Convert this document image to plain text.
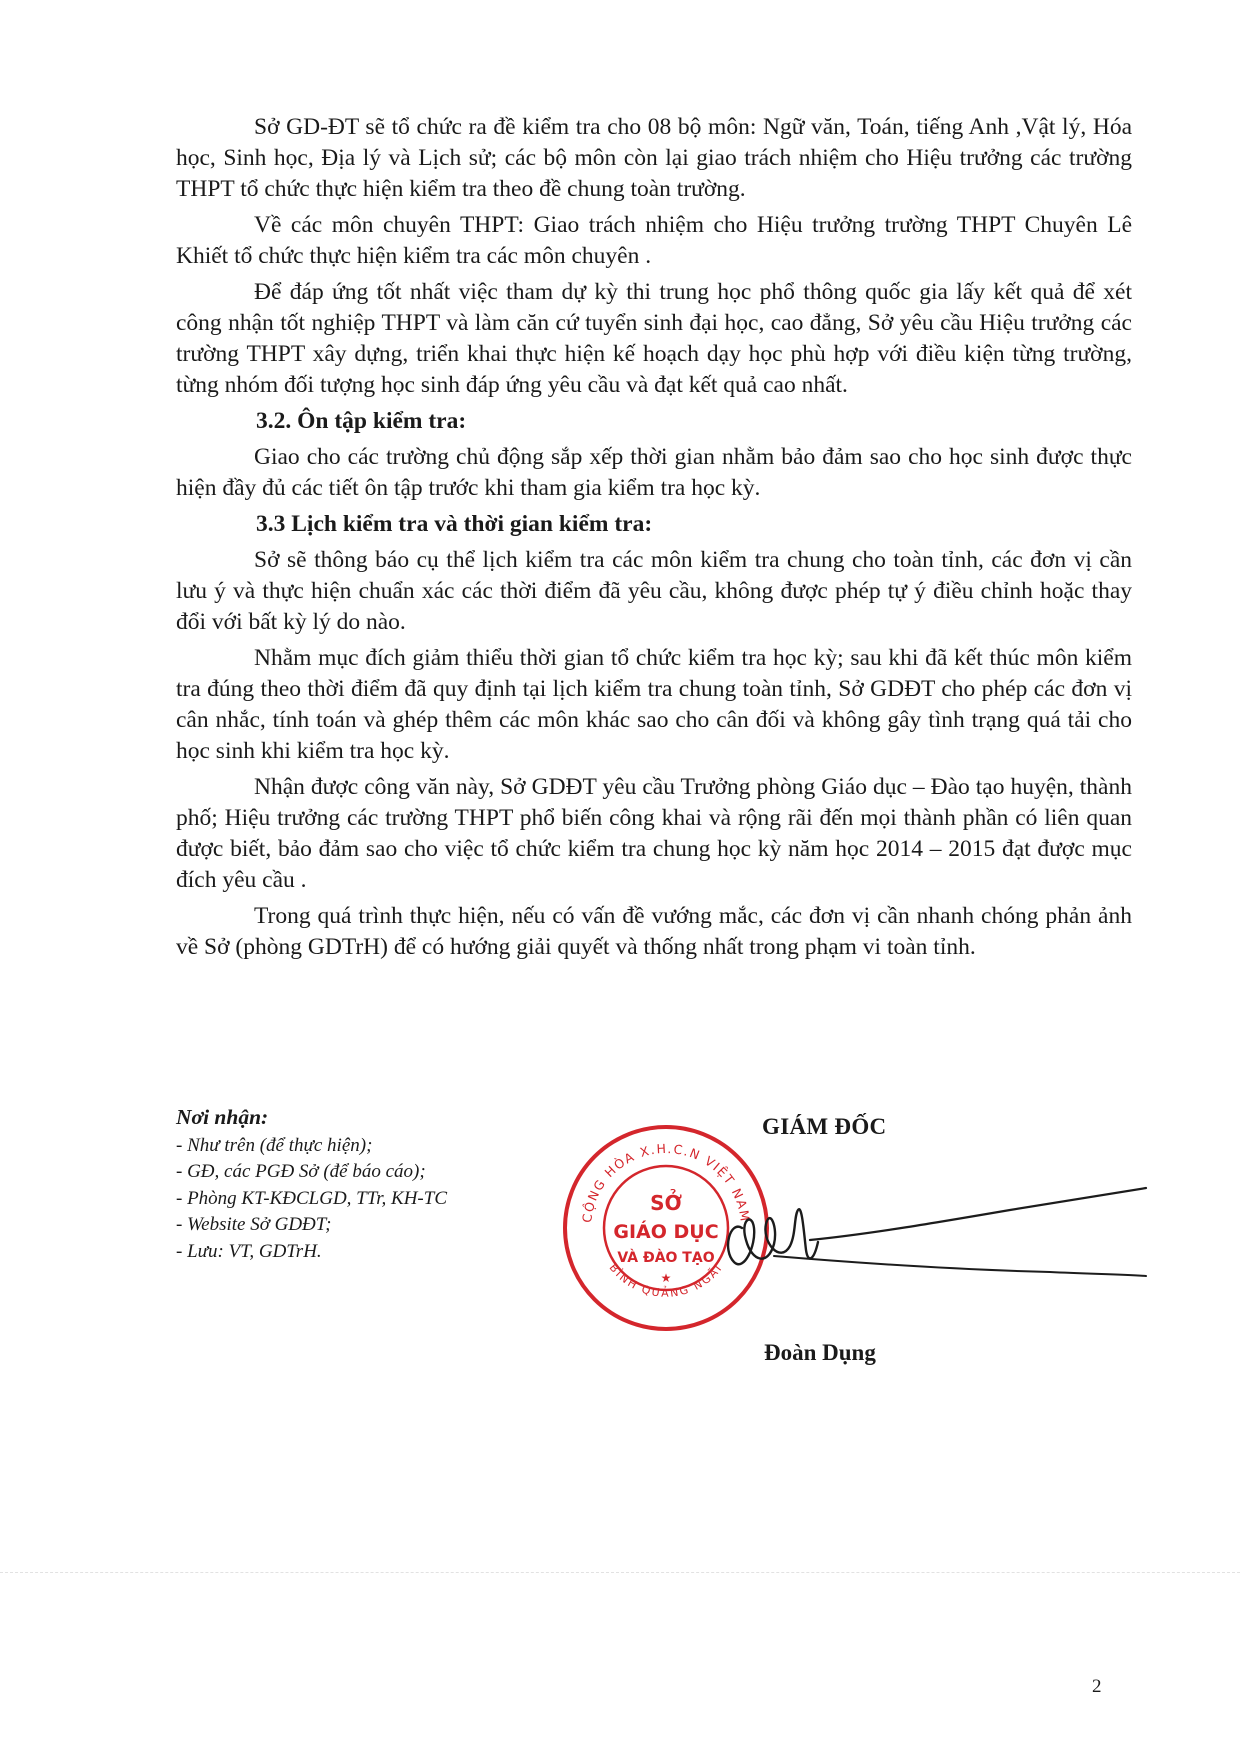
Sở GD-ĐT sẽ tổ chức ra đề kiểm tra cho 08 bộ môn: Ngữ văn, Toán, tiếng Anh ,Vật lý, Hóa học, Sinh học, Địa lý và Lịch sử; các bộ môn còn lại giao trách nhiệm cho Hiệu trưởng các trường THPT tổ chức thực hiện kiểm tra theo đề chung toàn trường.

Về các môn chuyên THPT: Giao trách nhiệm cho Hiệu trưởng trường THPT Chuyên Lê Khiết tổ chức thực hiện kiểm tra các môn chuyên .

Để đáp ứng tốt nhất việc tham dự kỳ thi trung học phổ thông quốc gia lấy kết quả để xét công nhận tốt nghiệp THPT và làm căn cứ tuyển sinh đại học, cao đẳng, Sở yêu cầu Hiệu trưởng các trường THPT xây dựng, triển khai thực hiện kế hoạch dạy học phù hợp với điều kiện từng trường, từng nhóm đối tượng học sinh đáp ứng yêu cầu và đạt kết quả cao nhất.

3.2. Ôn tập kiểm tra:

Giao cho các trường chủ động sắp xếp thời gian nhằm bảo đảm sao cho học sinh được thực hiện đầy đủ các tiết ôn tập trước khi tham gia kiểm tra học kỳ.

3.3 Lịch kiểm tra và thời gian kiểm tra:

Sở sẽ thông báo cụ thể lịch kiểm tra các môn kiểm tra chung cho toàn tỉnh, các đơn vị cần lưu ý và thực hiện chuẩn xác các thời điểm đã yêu cầu, không được phép tự ý điều chỉnh hoặc thay đổi với bất kỳ lý do nào.

Nhằm mục đích giảm thiểu thời gian tổ chức kiểm tra học kỳ; sau khi đã kết thúc môn kiểm tra đúng theo thời điểm đã quy định tại lịch kiểm tra chung toàn tỉnh, Sở GDĐT cho phép các đơn vị cân nhắc, tính toán và ghép thêm các môn khác sao cho cân đối và không gây tình trạng quá tải cho học sinh khi kiểm tra học kỳ.

Nhận được công văn này, Sở GDĐT yêu cầu Trưởng phòng Giáo dục – Đào tạo huyện, thành phố; Hiệu trưởng các trường THPT phổ biến công khai và rộng rãi đến mọi thành phần có liên quan được biết, bảo đảm sao cho việc tổ chức kiểm tra chung học kỳ năm học 2014 – 2015 đạt được mục đích yêu cầu .

Trong quá trình thực hiện, nếu có vấn đề vướng mắc, các đơn vị cần nhanh chóng phản ảnh về Sở (phòng GDTrH) để có hướng giải quyết và thống nhất trong phạm vi toàn tỉnh.

Nơi nhận:
- Như trên (để thực hiện);
- GĐ, các PGĐ Sở (để báo cáo);
- Phòng KT-KĐCLGD, TTr, KH-TC
- Website Sở GDĐT;
- Lưu: VT, GDTrH.
GIÁM ĐỐC
CỘNG HÒA X.H.C.N VIỆT NAM
BÌNH QUẢNG NGÃI
SỞ
GIÁO DỤC
VÀ ĐÀO TẠO
★
Đoàn Dụng
2
